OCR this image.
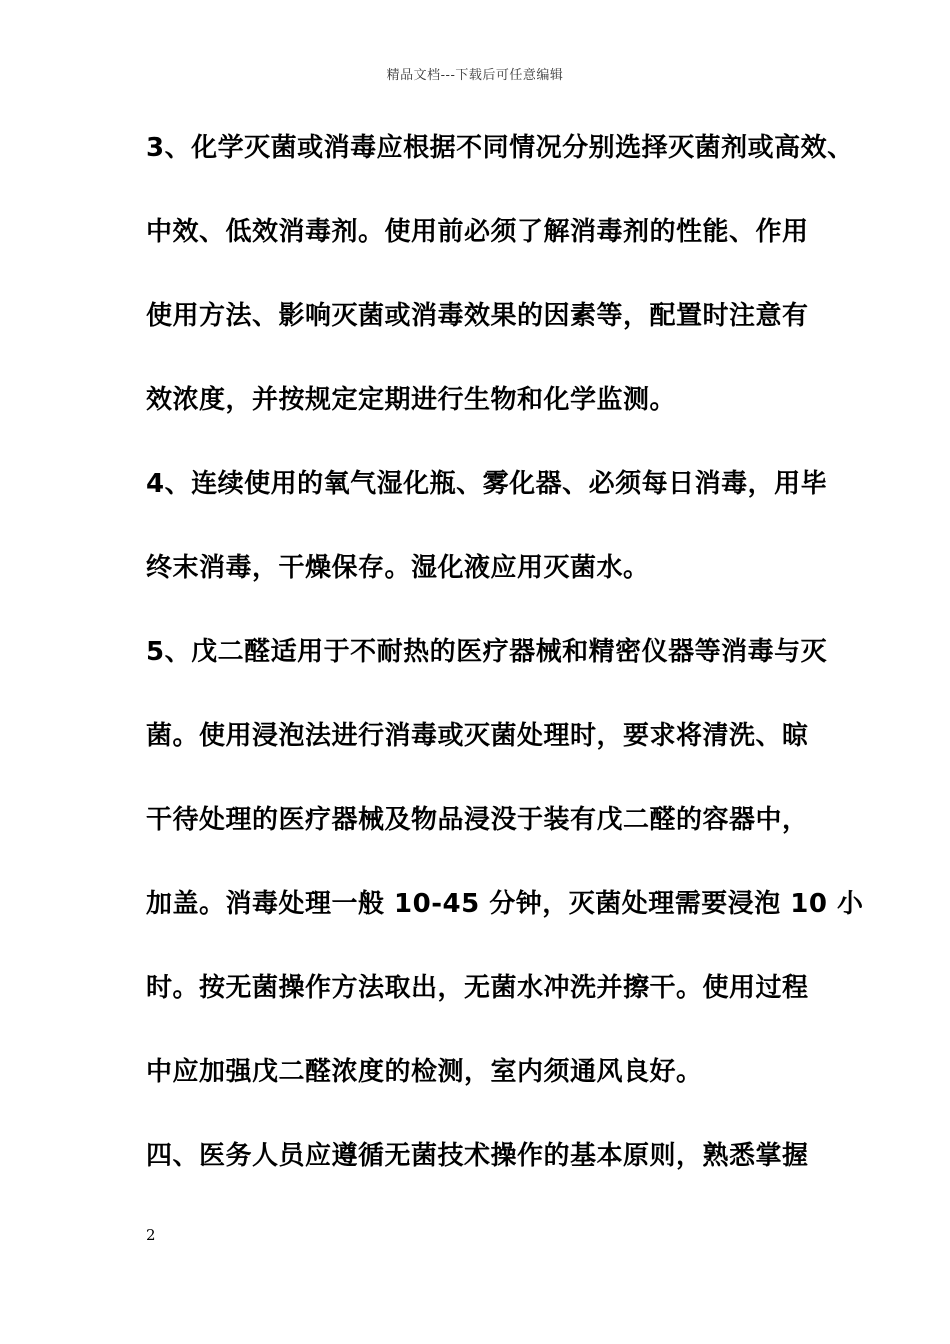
精品文档---下载后可任意编辑
3、化学灭菌或消毒应根据不同情况分别选择灭菌剂或高效、
中效、低效消毒剂。使用前必须了解消毒剂的性能、作用
使用方法、影响灭菌或消毒效果的因素等，配置时注意有
效浓度，并按规定定期进行生物和化学监测。
4、连续使用的氧气湿化瓶、雾化器、必须每日消毒，用毕
终末消毒，干燥保存。湿化液应用灭菌水。
5、戊二醛适用于不耐热的医疗器械和精密仪器等消毒与灭
菌。使用浸泡法进行消毒或灭菌处理时，要求将清洗、晾
干待处理的医疗器械及物品浸没于装有戊二醛的容器中，
加盖。消毒处理一般 10-45 分钟，灭菌处理需要浸泡 10 小
时。按无菌操作方法取出，无菌水冲洗并擦干。使用过程
中应加强戊二醛浓度的检测，室内须通风良好。
四、医务人员应遵循无菌技术操作的基本原则，熟悉掌握
2
